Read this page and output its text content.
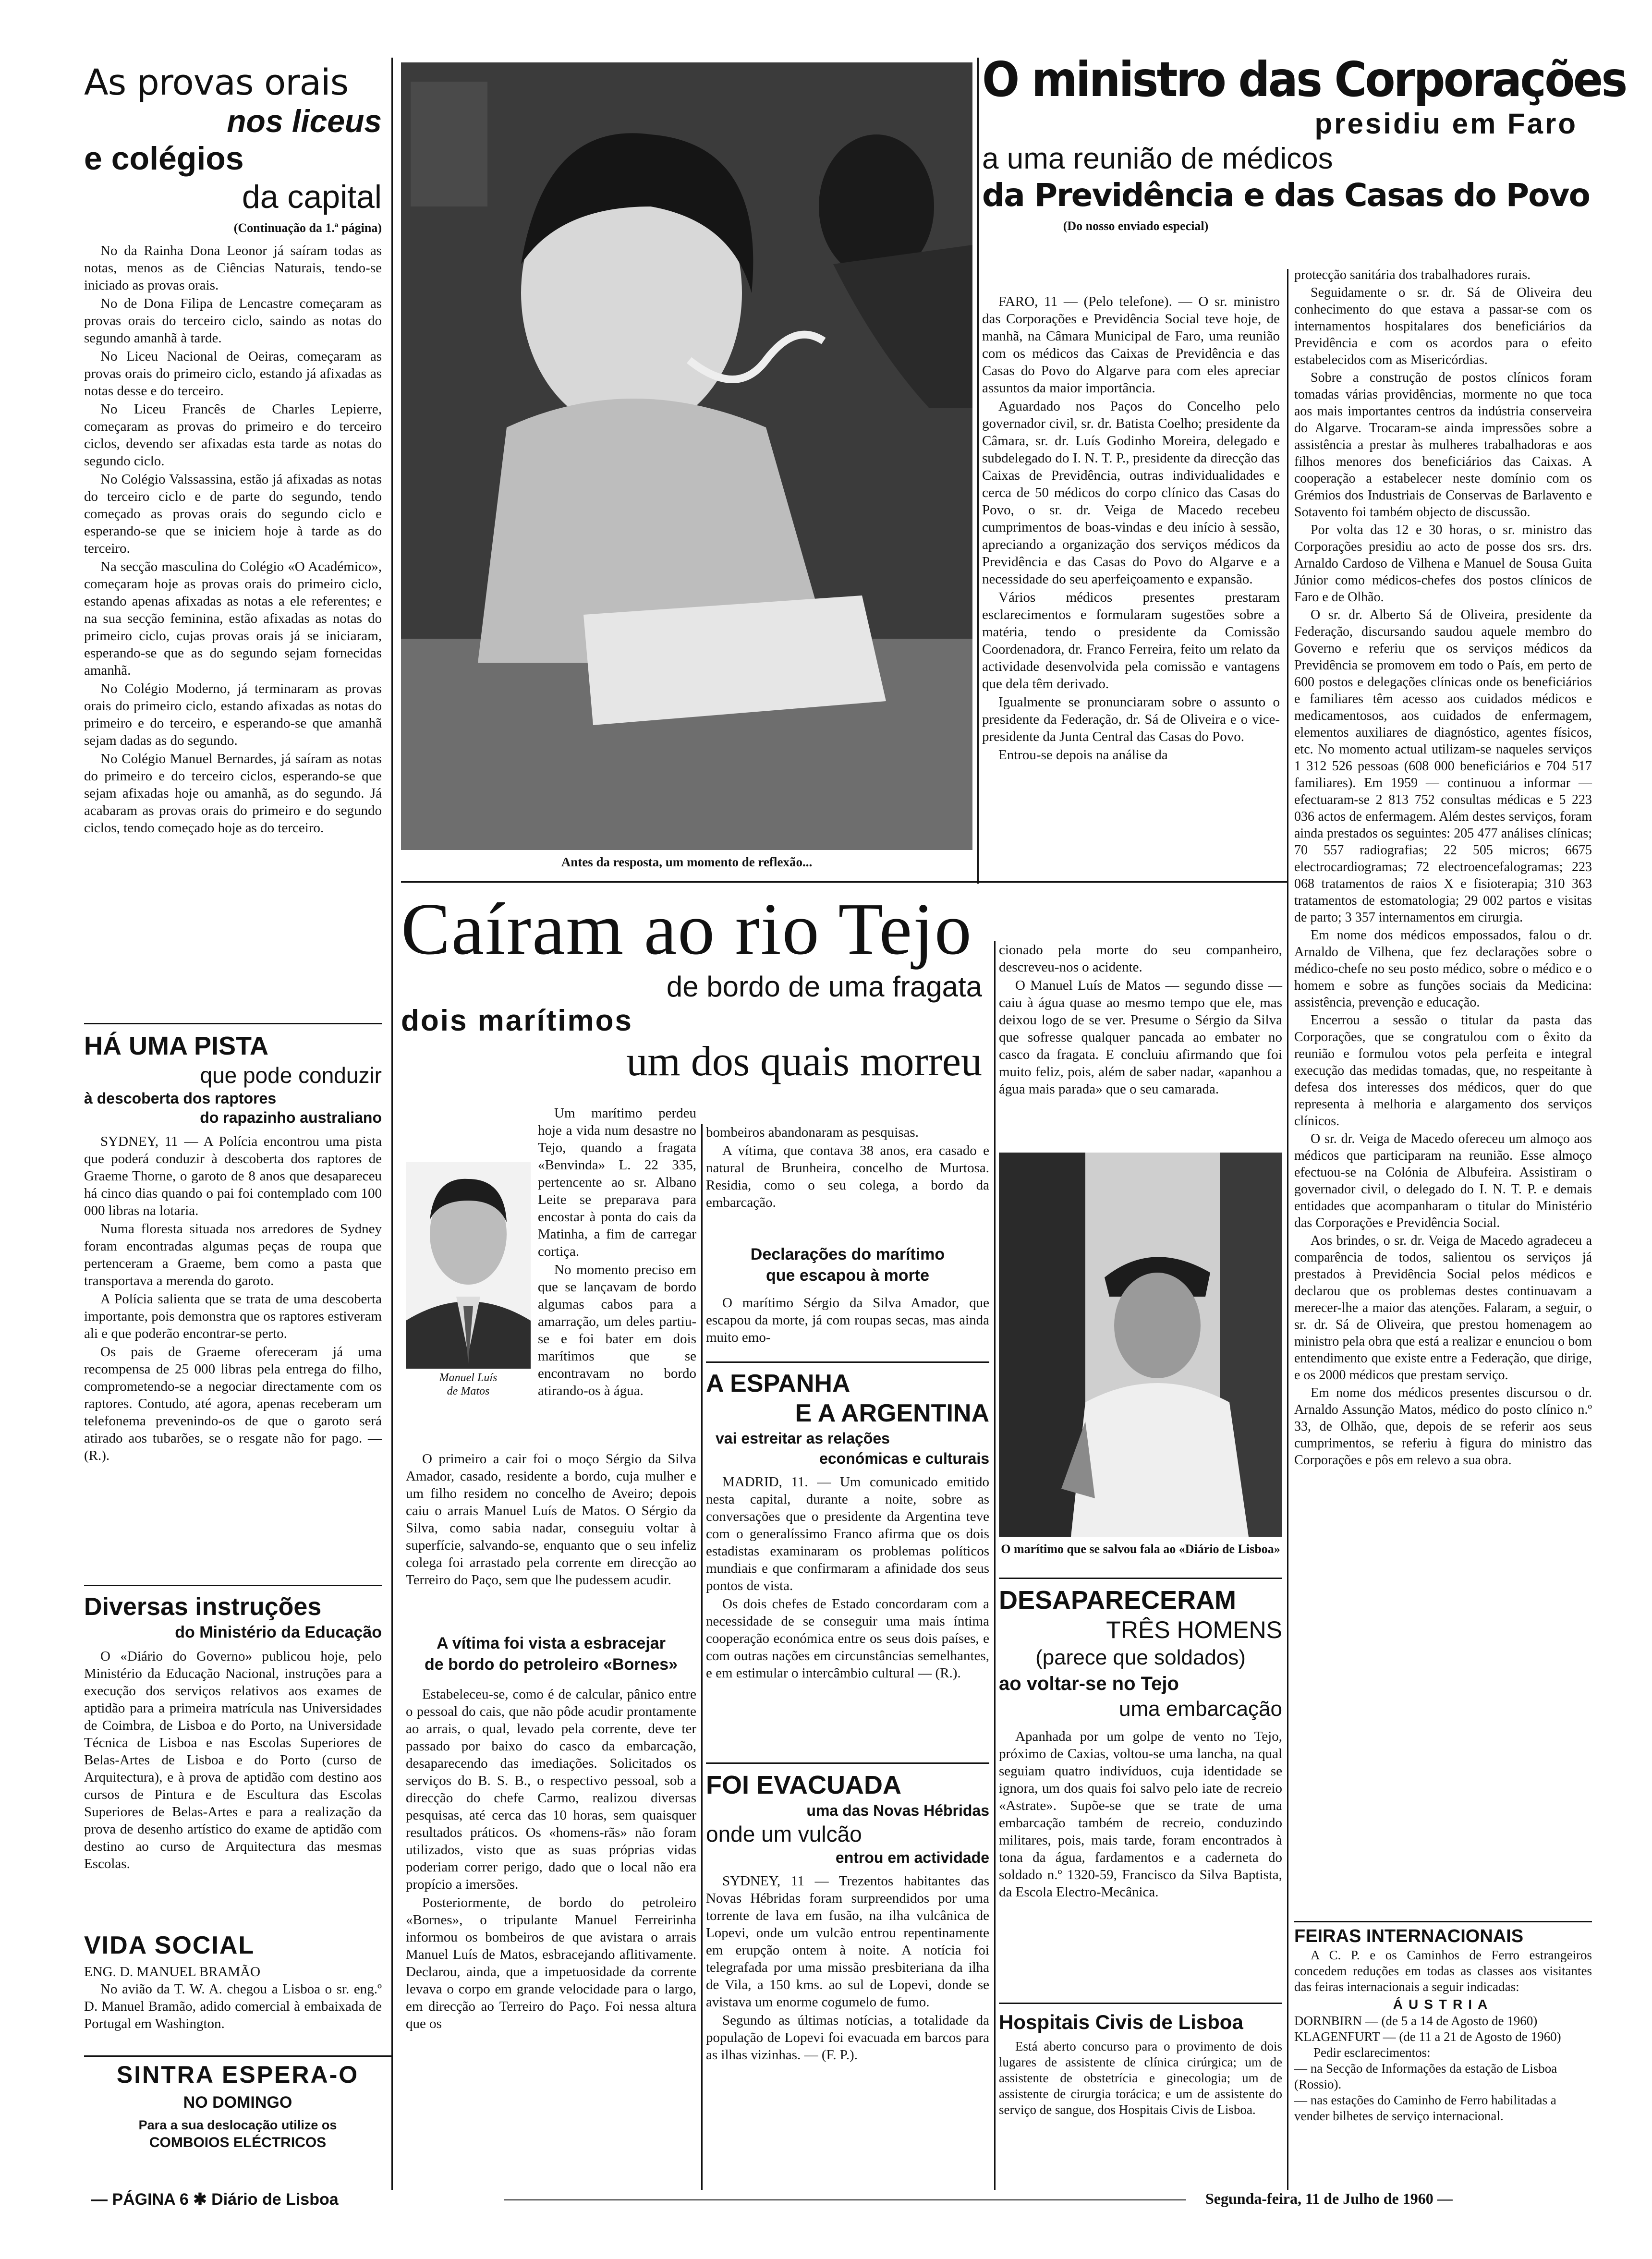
As provas orais
nos liceus
e colégios
da capital
(Continuação da 1.ª página)

No da Rainha Dona Leonor já saíram todas as notas, menos as de Ciências Naturais, tendo-se iniciado as provas orais.

No de Dona Filipa de Lencastre começaram as provas orais do terceiro ciclo, saindo as notas do segundo amanhã à tarde.

No Liceu Nacional de Oeiras, começaram as provas orais do primeiro ciclo, estando já afixadas as notas desse e do terceiro.

No Liceu Francês de Charles Lepierre, começaram as provas do primeiro e do terceiro ciclos, devendo ser afixadas esta tarde as notas do segundo ciclo.

No Colégio Valssassina, estão já afixadas as notas do terceiro ciclo e de parte do segundo, tendo começado as provas orais do segundo ciclo e esperando-se que se iniciem hoje à tarde as do terceiro.

Na secção masculina do Colégio «O Académico», começaram hoje as provas orais do primeiro ciclo, estando apenas afixadas as notas a ele referentes; e na sua secção feminina, estão afixadas as notas do primeiro ciclo, cujas provas orais já se iniciaram, esperando-se que as do segundo sejam fornecidas amanhã.

No Colégio Moderno, já terminaram as provas orais do primeiro ciclo, estando afixadas as notas do primeiro e do terceiro, e esperando-se que amanhã sejam dadas as do segundo.

No Colégio Manuel Bernardes, já saíram as notas do primeiro e do terceiro ciclos, esperando-se que sejam afixadas hoje ou amanhã, as do segundo. Já acabaram as provas orais do primeiro e do segundo ciclos, tendo começado hoje as do terceiro.

HÁ UMA PISTA
que pode conduzir
à descoberta dos raptores
do rapazinho australiano

SYDNEY, 11 — A Polícia encontrou uma pista que poderá conduzir à descoberta dos raptores de Graeme Thorne, o garoto de 8 anos que desapareceu há cinco dias quando o pai foi contemplado com 100 000 libras na lotaria.

Numa floresta situada nos arredores de Sydney foram encontradas algumas peças de roupa que pertenceram a Graeme, bem como a pasta que transportava a merenda do garoto.

A Polícia salienta que se trata de uma descoberta importante, pois demonstra que os raptores estiveram ali e que poderão encontrar-se perto.

Os pais de Graeme ofereceram já uma recompensa de 25 000 libras pela entrega do filho, comprometendo-se a negociar directamente com os raptores. Contudo, até agora, apenas receberam um telefonema prevenindo-os de que o garoto será atirado aos tubarões, se o resgate não for pago. — (R.).

Diversas instruções
do Ministério da Educação

O «Diário do Governo» publicou hoje, pelo Ministério da Educação Nacional, instruções para a execução dos serviços relativos aos exames de aptidão para a primeira matrícula nas Universidades de Coimbra, de Lisboa e do Porto, na Universidade Técnica de Lisboa e nas Escolas Superiores de Belas-Artes de Lisboa e do Porto (curso de Arquitectura), e à prova de aptidão com destino aos cursos de Pintura e de Escultura das Escolas Superiores de Belas-Artes e para a realização da prova de desenho artístico do exame de aptidão com destino ao curso de Arquitectura das mesmas Escolas.

VIDA SOCIAL
ENG. D. MANUEL BRAMÃO

No avião da T. W. A. chegou a Lisboa o sr. eng.º D. Manuel Bramão, adido comercial à embaixada de Portugal em Washington.

SINTRA ESPERA-O
NO DOMINGO
Para a sua deslocação utilize os
COMBOIOS ELÉCTRICOS
Antes da resposta, um momento de reflexão...
O ministro das Corporações
presidiu em Faro
a uma reunião de médicos
da Previdência e das Casas do Povo
(Do nosso enviado especial)

FARO, 11 — (Pelo telefone). — O sr. ministro das Corporações e Previdência Social teve hoje, de manhã, na Câmara Municipal de Faro, uma reunião com os médicos das Caixas de Previdência e das Casas do Povo do Algarve para com eles apreciar assuntos da maior importância.

Aguardado nos Paços do Concelho pelo governador civil, sr. dr. Batista Coelho; presidente da Câmara, sr. dr. Luís Godinho Moreira, delegado e subdelegado do I. N. T. P., presidente da direcção das Caixas de Previdência, outras individualidades e cerca de 50 médicos do corpo clínico das Casas do Povo, o sr. dr. Veiga de Macedo recebeu cumprimentos de boas-vindas e deu início à sessão, apreciando a organização dos serviços médicos da Previdência e das Casas do Povo do Algarve e a necessidade do seu aperfeiçoamento e expansão.

Vários médicos presentes prestaram esclarecimentos e formularam sugestões sobre a matéria, tendo o presidente da Comissão Coordenadora, dr. Franco Ferreira, feito um relato da actividade desenvolvida pela comissão e vantagens que dela têm derivado.

Igualmente se pronunciaram sobre o assunto o presidente da Federação, dr. Sá de Oliveira e o vice-presidente da Junta Central das Casas do Povo.

Entrou-se depois na análise da

protecção sanitária dos trabalhadores rurais.

Seguidamente o sr. dr. Sá de Oliveira deu conhecimento do que estava a passar-se com os internamentos hospitalares dos beneficiários da Previdência e com os acordos para o efeito estabelecidos com as Misericórdias.

Sobre a construção de postos clínicos foram tomadas várias providências, mormente no que toca aos mais importantes centros da indústria conserveira do Algarve. Trocaram-se ainda impressões sobre a assistência a prestar às mulheres trabalhadoras e aos filhos menores dos beneficiários das Caixas. A cooperação a estabelecer neste domínio com os Grémios dos Industriais de Conservas de Barlavento e Sotavento foi também objecto de discussão.

Por volta das 12 e 30 horas, o sr. ministro das Corporações presidiu ao acto de posse dos srs. drs. Arnaldo Cardoso de Vilhena e Manuel de Sousa Guita Júnior como médicos-chefes dos postos clínicos de Faro e de Olhão.

O sr. dr. Alberto Sá de Oliveira, presidente da Federação, discursando saudou aquele membro do Governo e referiu que os serviços médicos da Previdência se promovem em todo o País, em perto de 600 postos e delegações clínicas onde os beneficiários e familiares têm acesso aos cuidados médicos e medicamentosos, aos cuidados de enfermagem, elementos auxiliares de diagnóstico, agentes físicos, etc. No momento actual utilizam-se naqueles serviços 1 312 526 pessoas (608 000 beneficiários e 704 517 familiares). Em 1959 — continuou a informar — efectuaram-se 2 813 752 consultas médicas e 5 223 036 actos de enfermagem. Além destes serviços, foram ainda prestados os seguintes: 205 477 análises clínicas; 70 557 radiografias; 22 505 micros; 6675 electrocardiogramas; 72 electroencefalogramas; 223 068 tratamentos de raios X e fisioterapia; 310 363 tratamentos de estomatologia; 29 002 partos e visitas de parto; 3 357 internamentos em cirurgia.

Em nome dos médicos empossados, falou o dr. Arnaldo de Vilhena, que fez declarações sobre o médico-chefe no seu posto médico, sobre o médico e o homem e sobre as funções sociais da Medicina: assistência, prevenção e educação.

Encerrou a sessão o titular da pasta das Corporações, que se congratulou com o êxito da reunião e formulou votos pela perfeita e integral execução das medidas tomadas, que, no respeitante à defesa dos interesses dos médicos, quer do que representa à melhoria e alargamento dos serviços clínicos.

O sr. dr. Veiga de Macedo ofereceu um almoço aos médicos que participaram na reunião. Esse almoço efectuou-se na Colónia de Albufeira. Assistiram o governador civil, o delegado do I. N. T. P. e demais entidades que acompanharam o titular do Ministério das Corporações e Previdência Social.

Aos brindes, o sr. dr. Veiga de Macedo agradeceu a comparência de todos, salientou os serviços já prestados à Previdência Social pelos médicos e declarou que os problemas destes continuavam a merecer-lhe a maior das atenções. Falaram, a seguir, o sr. dr. Sá de Oliveira, que prestou homenagem ao ministro pela obra que está a realizar e enunciou o bom entendimento que existe entre a Federação, que dirige, e os 2000 médicos que prestam serviço.

Em nome dos médicos presentes discursou o dr. Arnaldo Assunção Matos, médico do posto clínico n.º 33, de Olhão, que, depois de se referir aos seus cumprimentos, se referiu à figura do ministro das Corporações e pôs em relevo a sua obra.

FEIRAS INTERNACIONAIS

A C. P. e os Caminhos de Ferro estrangeiros concedem reduções em todas as classes aos visitantes das feiras internacionais a seguir indicadas:

ÁUSTRIA
DORNBIRN — (de 5 a 14 de Agosto de 1960)
KLAGENFURT — (de 11 a 21 de Agosto de 1960)
Pedir esclarecimentos:
— na Secção de Informações da estação de Lisboa (Rossio).
— nas estações do Caminho de Ferro habilitadas a vender bilhetes de serviço internacional.
Caíram ao rio Tejo
de bordo de uma fragata
dois marítimos
um dos quais morreu
Manuel Luís
de Matos

Um marítimo perdeu hoje a vida num desastre no Tejo, quando a fragata «Benvinda» L. 22 335, pertencente ao sr. Albano Leite se preparava para encostar à ponta do cais da Matinha, a fim de carregar cortiça.

No momento preciso em que se lançavam de bordo algumas cabos para a amarração, um deles partiu-se e foi bater em dois marítimos que se encontravam no bordo atirando-os à água.

O primeiro a cair foi o moço Sérgio da Silva Amador, casado, residente a bordo, cuja mulher e um filho residem no concelho de Aveiro; depois caiu o arrais Manuel Luís de Matos. O Sérgio da Silva, como sabia nadar, conseguiu voltar à superfície, salvando-se, enquanto que o seu infeliz colega foi arrastado pela corrente em direcção ao Terreiro do Paço, sem que lhe pudessem acudir.

A vítima foi vista a esbracejar
de bordo do petroleiro «Bornes»

Estabeleceu-se, como é de calcular, pânico entre o pessoal do cais, que não pôde acudir prontamente ao arrais, o qual, levado pela corrente, deve ter passado por baixo do casco da embarcação, desaparecendo das imediações. Solicitados os serviços do B. S. B., o respectivo pessoal, sob a direcção do chefe Carmo, realizou diversas pesquisas, até cerca das 10 horas, sem quaisquer resultados práticos. Os «homens-rãs» não foram utilizados, visto que as suas próprias vidas poderiam correr perigo, dado que o local não era propício a imersões.

Posteriormente, de bordo do petroleiro «Bornes», o tripulante Manuel Ferreirinha informou os bombeiros de que avistara o arrais Manuel Luís de Matos, esbracejando aflitivamente. Declarou, ainda, que a impetuosidade da corrente levava o corpo em grande velocidade para o largo, em direcção ao Terreiro do Paço. Foi nessa altura que os

bombeiros abandonaram as pesquisas.

A vítima, que contava 38 anos, era casado e natural de Brunheira, concelho de Murtosa. Residia, como o seu colega, a bordo da embarcação.

Declarações do marítimo
que escapou à morte

O marítimo Sérgio da Silva Amador, que escapou da morte, já com roupas secas, mas ainda muito emo-

cionado pela morte do seu companheiro, descreveu-nos o acidente.

O Manuel Luís de Matos — segundo disse — caiu à água quase ao mesmo tempo que ele, mas deixou logo de se ver. Presume o Sérgio da Silva que sofresse qualquer pancada ao embater no casco da fragata. E concluiu afirmando que foi muito feliz, pois, além de saber nadar, «apanhou a água mais parada» que o seu camarada.

O marítimo que se salvou fala ao «Diário de Lisboa»
A ESPANHA
E A ARGENTINA
vai estreitar as relações
económicas e culturais

MADRID, 11. — Um comunicado emitido nesta capital, durante a noite, sobre as conversações que o presidente da Argentina teve com o generalíssimo Franco afirma que os dois estadistas examinaram os problemas políticos mundiais e que confirmaram a afinidade dos seus pontos de vista.

Os dois chefes de Estado concordaram com a necessidade de se conseguir uma mais íntima cooperação económica entre os seus dois países, e com outras nações em circunstâncias semelhantes, e em estimular o intercâmbio cultural — (R.).

FOI EVACUADA
uma das Novas Hébridas
onde um vulcão
entrou em actividade

SYDNEY, 11 — Trezentos habitantes das Novas Hébridas foram surpreendidos por uma torrente de lava em fusão, na ilha vulcânica de Lopevi, onde um vulcão entrou repentinamente em erupção ontem à noite. A notícia foi telegrafada por uma missão presbiteriana da ilha de Vila, a 150 kms. ao sul de Lopevi, donde se avistava um enorme cogumelo de fumo.

Segundo as últimas notícias, a totalidade da população de Lopevi foi evacuada em barcos para as ilhas vizinhas. — (F. P.).

DESAPARECERAM
TRÊS HOMENS
(parece que soldados)
ao voltar-se no Tejo
uma embarcação

Apanhada por um golpe de vento no Tejo, próximo de Caxias, voltou-se uma lancha, na qual seguiam quatro indivíduos, cuja identidade se ignora, um dos quais foi salvo pelo iate de recreio «Astrate». Supõe-se que se trate de uma embarcação também de recreio, conduzindo militares, pois, mais tarde, foram encontrados à tona da água, fardamentos e a caderneta do soldado n.º 1320-59, Francisco da Silva Baptista, da Escola Electro-Mecânica.

Hospitais Civis de Lisboa

Está aberto concurso para o provimento de dois lugares de assistente de clínica cirúrgica; um de assistente de obstetrícia e ginecologia; um de assistente de cirurgia torácica; e um de assistente do serviço de sangue, dos Hospitais Civis de Lisboa.

— PÁGINA 6 ✱ Diário de Lisboa	Segunda-feira, 11 de Julho de 1960 —
